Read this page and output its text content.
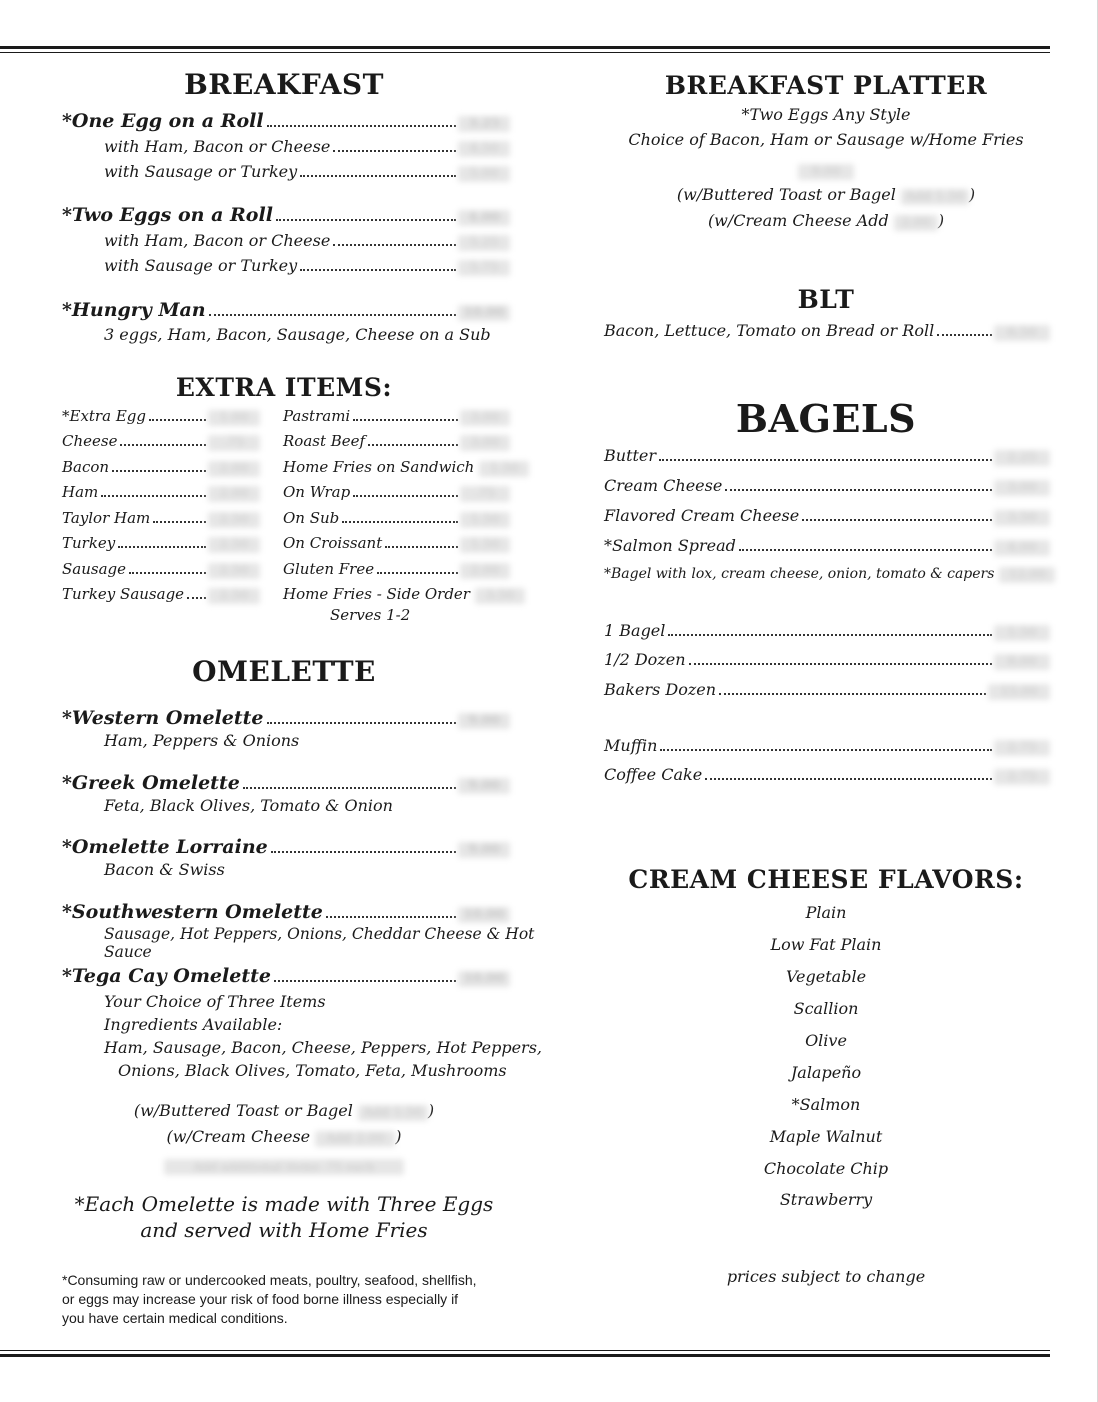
BREAKFAST
*One Egg on a Roll	3.25
with Ham, Bacon or Cheese	4.50
with Sausage or Turkey	5.00
*Two Eggs on a Roll	4.00
with Ham, Bacon or Cheese	5.25
with Sausage or Turkey	5.75
*Hungry Man	10.00
3 eggs, Ham, Bacon, Sausage, Cheese on a Sub
EXTRA ITEMS:
*Extra Egg	1.00
Cheese	.75
Bacon	2.00
Ham	2.00
Taylor Ham	2.50
Turkey	2.50
Sausage	2.50
Turkey Sausage	2.50
Pastrami	3.00
Roast Beef	3.00
Home Fries on Sandwich	1.50
On Wrap	.75
On Sub	1.50
On Croissant	1.50
Gluten Free	2.00
Home Fries - Side Order	3.50
Serves 1-2
OMELETTE
*Western Omelette	9.00
Ham, Peppers & Onions
*Greek Omelette	9.00
Feta, Black Olives, Tomato & Onion
*Omelette Lorraine	9.00
Bacon & Swiss
*Southwestern Omelette	10.00
Sausage, Hot Peppers, Onions, Cheddar Cheese & Hot Sauce
*Tega Cay Omelette	10.00
Your Choice of Three Items
Ingredients Available:
Ham, Sausage, Bacon, Cheese, Peppers, Hot Peppers,
Onions, Black Olives, Tomato, Feta, Mushrooms
(w/Buttered Toast or Bagel Add 1.50 )
(w/Cream Cheese Add 2.00 )
Add additional items .75 each
*Each Omelette is made with Three Eggs
and served with Home Fries
*Consuming raw or undercooked meats, poultry, seafood, shellfish,
or eggs may increase your risk of food borne illness especially if
you have certain medical conditions.
BREAKFAST PLATTER
*Two Eggs Any Style
Choice of Bacon, Ham or Sausage w/Home Fries
9.00
(w/Buttered Toast or Bagel Add 1.50 )
(w/Cream Cheese Add 2.00 )
BLT
Bacon, Lettuce, Tomato on Bread or Roll	6.50
BAGELS
Butter	2.25
Cream Cheese	3.00
Flavored Cream Cheese	3.50
*Salmon Spread	4.00
*Bagel with lox, cream cheese, onion, tomato & capers	12.00
1 Bagel	1.50
1/2 Dozen	8.00
Bakers Dozen	15.00
Muffin	2.75
Coffee Cake	2.75
CREAM CHEESE FLAVORS:
Plain
Low Fat Plain
Vegetable
Scallion
Olive
Jalapeño
*Salmon
Maple Walnut
Chocolate Chip
Strawberry
prices subject to change
